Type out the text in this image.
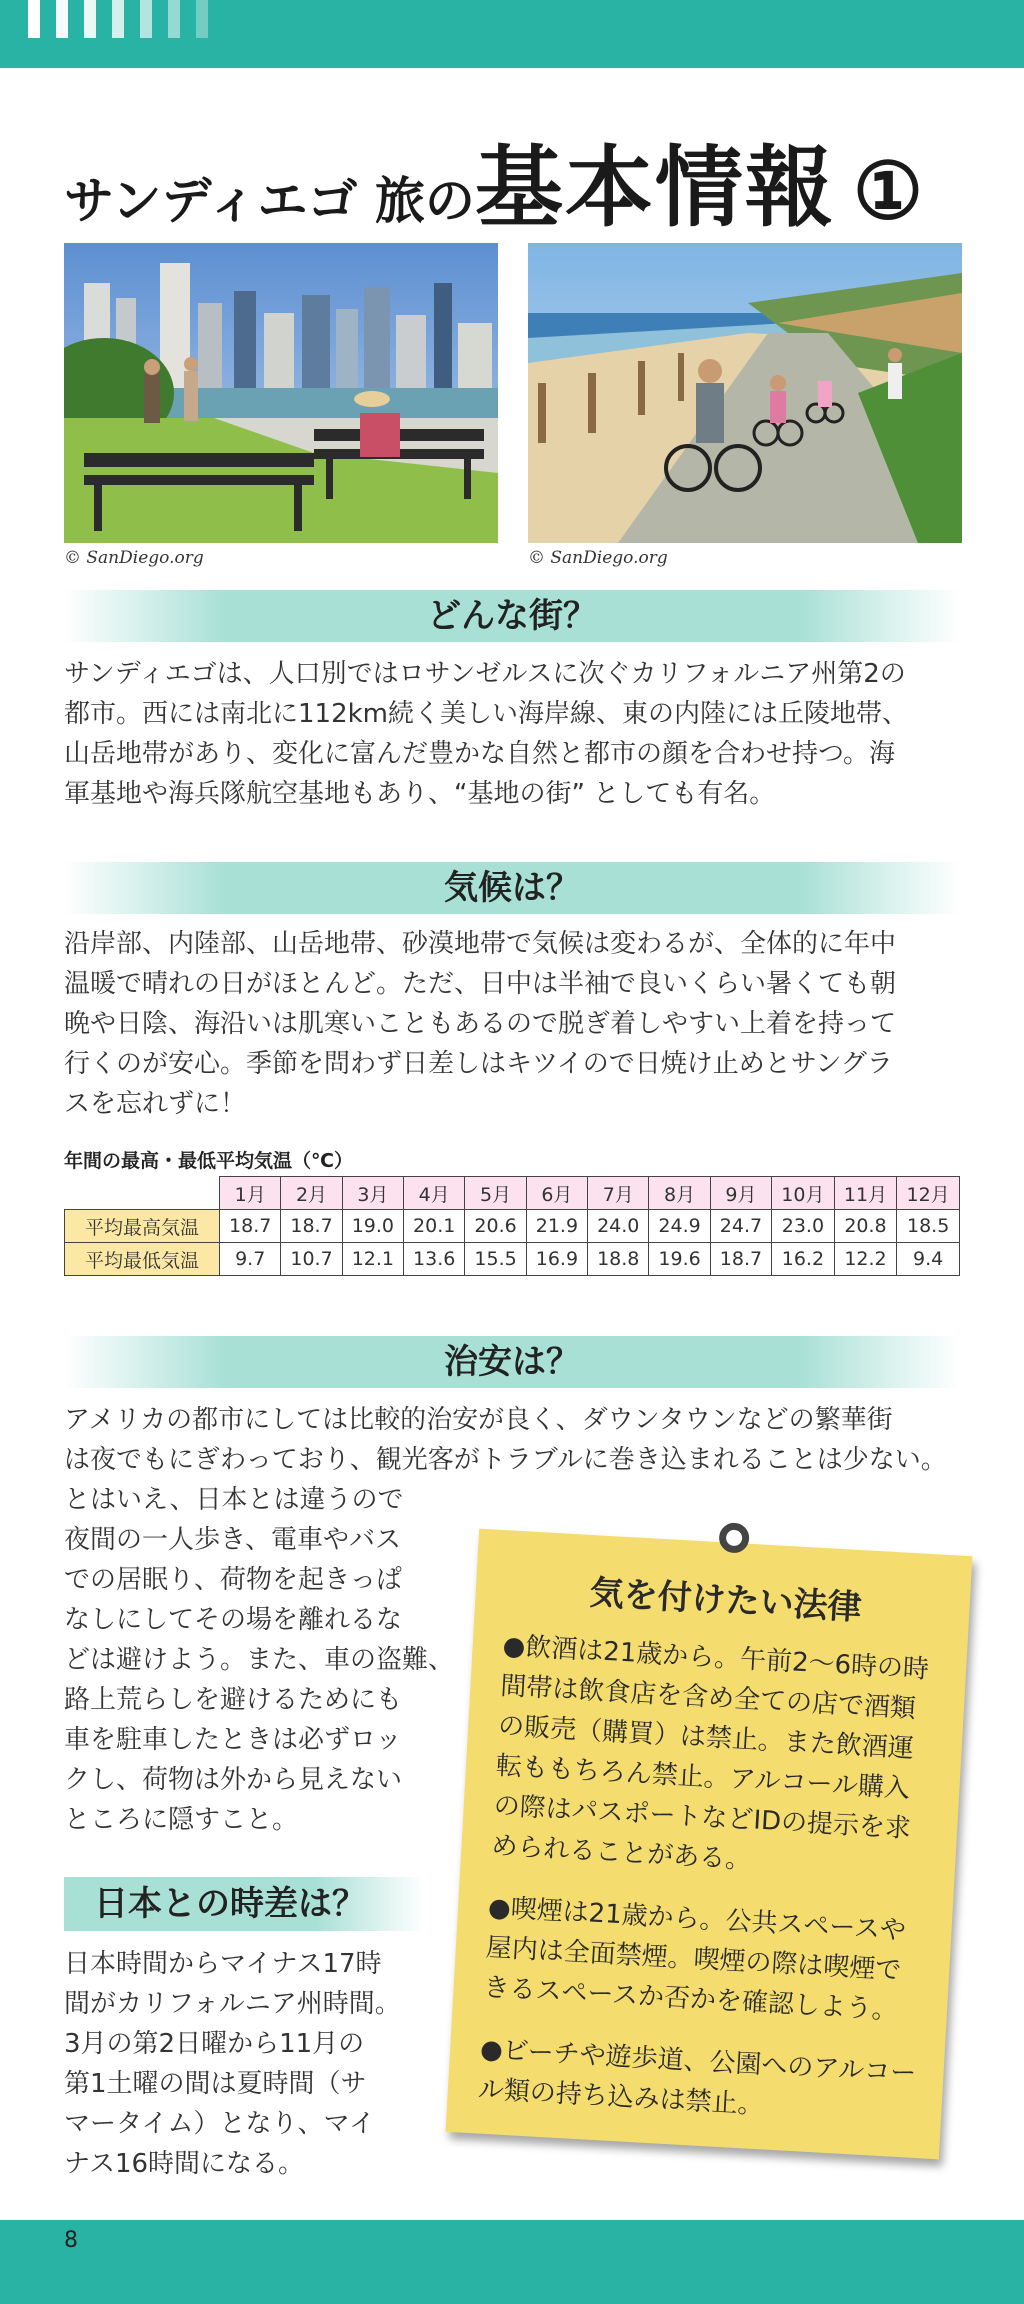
サンディエゴ 旅の基本情報 ①
© SanDiego.org	© SanDiego.org
どんな街？

サンディエゴは、人口別ではロサンゼルスに次ぐカリフォルニア州第2の

都市。西には南北に112km続く美しい海岸線、東の内陸には丘陵地帯、

山岳地帯があり、変化に富んだ豊かな自然と都市の顔を合わせ持つ。海

軍基地や海兵隊航空基地もあり、“基地の街” としても有名。

気候は？

沿岸部、内陸部、山岳地帯、砂漠地帯で気候は変わるが、全体的に年中

温暖で晴れの日がほとんど。ただ、日中は半袖で良いくらい暑くても朝

晩や日陰、海沿いは肌寒いこともあるので脱ぎ着しやすい上着を持って

行くのが安心。季節を問わず日差しはキツイので日焼け止めとサングラ

スを忘れずに！

年間の最高・最低平均気温（℃）
	1月	2月	3月	4月	5月	6月	7月	8月	9月	10月	11月	12月
平均最高気温	18.7	18.7	19.0	20.1	20.6	21.9	24.0	24.9	24.7	23.0	20.8	18.5
平均最低気温	9.7	10.7	12.1	13.6	15.5	16.9	18.8	19.6	18.7	16.2	12.2	9.4
治安は？

アメリカの都市にしては比較的治安が良く、ダウンタウンなどの繁華街

は夜でもにぎわっており、観光客がトラブルに巻き込まれることは少ない。

とはいえ、日本とは違うので

夜間の一人歩き、電車やバス

での居眠り、荷物を起きっぱ

なしにしてその場を離れるな

どは避けよう。また、車の盗難、

路上荒らしを避けるためにも

車を駐車したときは必ずロッ

クし、荷物は外から見えない

ところに隠すこと。

日本との時差は？

日本時間からマイナス17時

間がカリフォルニア州時間。

3月の第2日曜から11月の

第1土曜の間は夏時間（サ

マータイム）となり、マイ

ナス16時間になる。

気を付けたい法律

●飲酒は21歳から。午前2～6時の時間帯は飲食店を含め全ての店で酒類の販売（購買）は禁止。また飲酒運転ももちろん禁止。アルコール購入の際はパスポートなどIDの提示を求められることがある。

●喫煙は21歳から。公共スペースや屋内は全面禁煙。喫煙の際は喫煙できるスペースか否かを確認しよう。

●ビーチや遊歩道、公園へのアルコール類の持ち込みは禁止。

8
